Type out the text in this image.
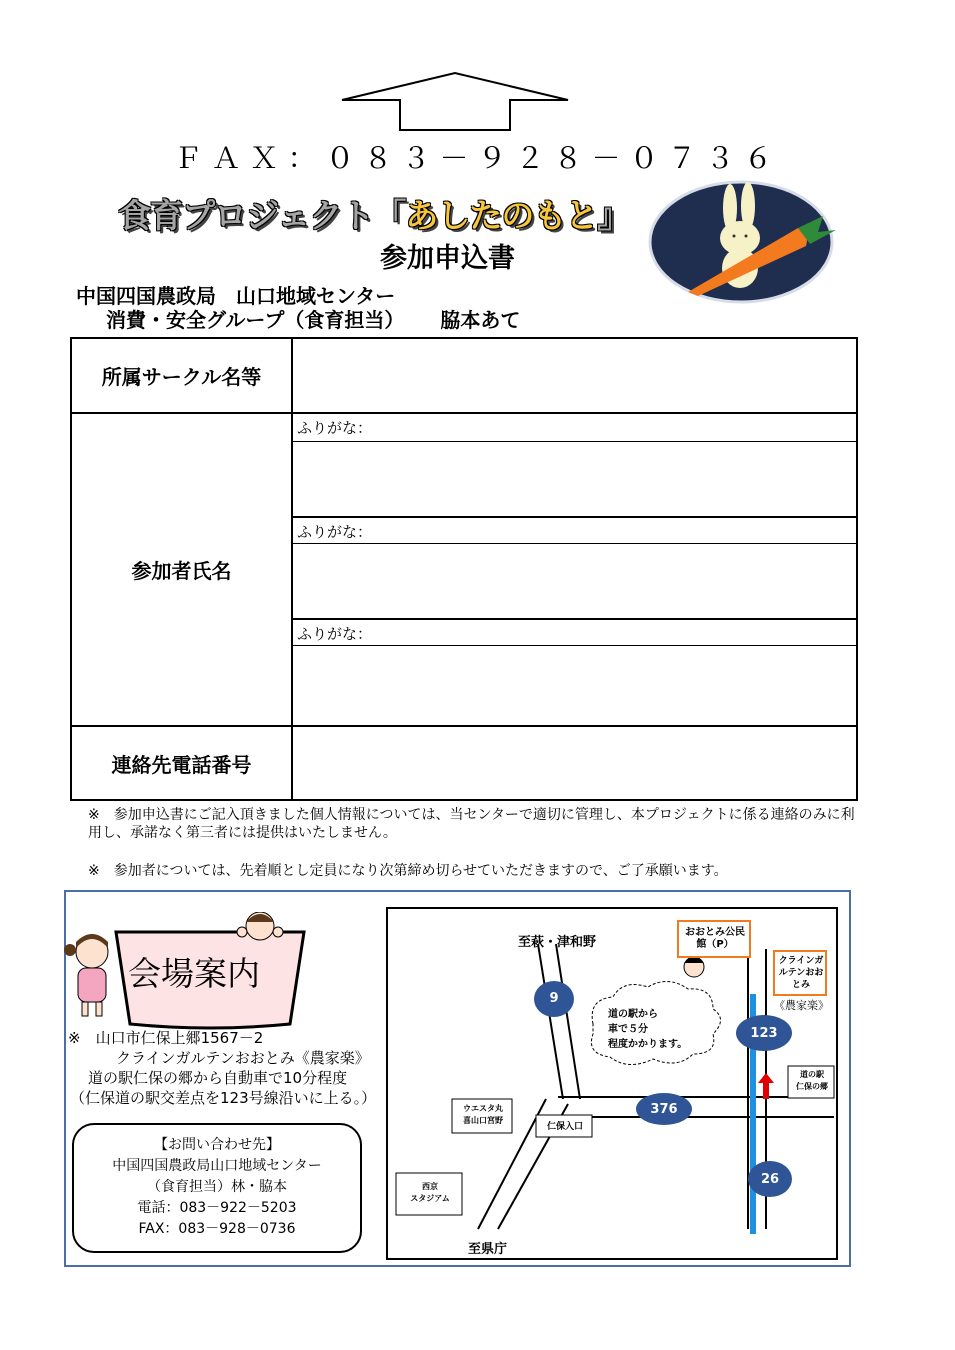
ＦＡＸ：０８３－９２８－０７３６
食育プロジェクト「あしたのもと』
参加申込書
中国四国農政局　山口地域センター
消費・安全グループ（食育担当） 脇本あて
所属サークル名等	
参加者氏名	ふりがな：
ふりがな：
ふりがな：

連絡先電話番号	
※　参加申込書にご記入頂きました個人情報については、当センターで適切に管理し、本プロジェクトに係る連絡のみに利用し、承諾なく第三者には提供はいたしません。
※　参加者については、先着順とし定員になり次第締め切らせていただきますので、ご了承願います。
会場案内
※　山口市仁保上郷1567－2
クラインガルテンおおとみ《農家楽》
道の駅仁保の郷から自動車で10分程度
（仁保道の駅交差点を123号線沿いに上る。）
【お問い合わせ先】
中国四国農政局山口地域センター
（食育担当）林・脇本
電話：083－922－5203
FAX：083－928－0736
至萩・津和野
至県庁
おおとみ公民館（P）
クラインガルテンおおとみ
《農家楽》
道の駅から
車で５分
程度かかります。
9
123
376
26
道の駅
仁保の郷
ウエスタ丸
喜山口宮野
仁保入口
西京
スタジアム
